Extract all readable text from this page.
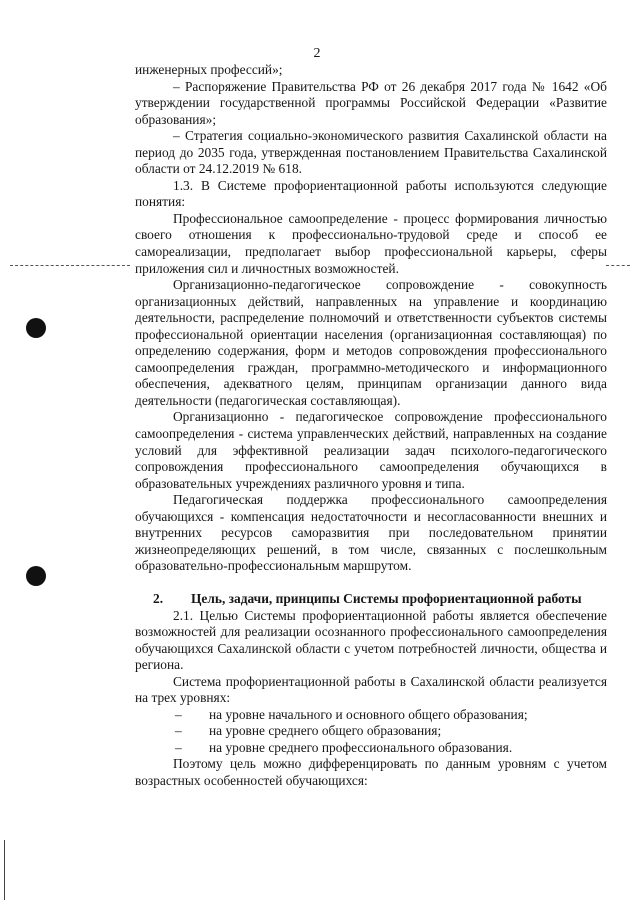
2

инженерных профессий»;

– Распоряжение Правительства РФ от 26 декабря 2017 года № 1642 «Об утверждении государственной программы Российской Федерации «Развитие образования»;

– Стратегия социально-экономического развития Сахалинской области на период до 2035 года, утвержденная постановлением Правительства Сахалинской области от 24.12.2019 № 618.

1.3. В Системе профориентационной работы используются следующие понятия:

Профессиональное самоопределение - процесс формирования личностью своего отношения к профессионально-трудовой среде и способ ее самореализации, предполагает выбор профессиональной карьеры, сферы приложения сил и личностных возможностей.

Организационно-педагогическое сопровождение - совокупность организационных действий, направленных на управление и координацию деятельности, распределение полномочий и ответственности субъектов системы профессиональной ориентации населения (организационная составляющая) по определению содержания, форм и методов сопровождения профессионального самоопределения граждан, программно-методического и информационного обеспечения, адекватного целям, принципам организации данного вида деятельности (педагогическая составляющая).

Организационно - педагогическое сопровождение профессионального самоопределения - система управленческих действий, направленных на создание условий для эффективной реализации задач психолого-педагогического сопровождения профессионального самоопределения обучающихся в образовательных учреждениях различного уровня и типа.

Педагогическая поддержка профессионального самоопределения обучающихся - компенсация недостаточности и несогласованности внешних и внутренних ресурсов саморазвития при последовательном принятии жизнеопределяющих решений, в том числе, связанных с послешкольным образовательно-профессиональным маршрутом.

2. Цель, задачи, принципы Системы профориентационной работы

2.1. Целью Системы профориентационной работы является обеспечение возможностей для реализации осознанного профессионального самоопределения обучающихся Сахалинской области с учетом потребностей личности, общества и региона.

Система профориентационной работы в Сахалинской области реализуется на трех уровнях:

– на уровне начального и основного общего образования;

– на уровне среднего общего образования;

– на уровне среднего профессионального образования.

Поэтому цель можно дифференцировать по данным уровням с учетом возрастных особенностей обучающихся:
